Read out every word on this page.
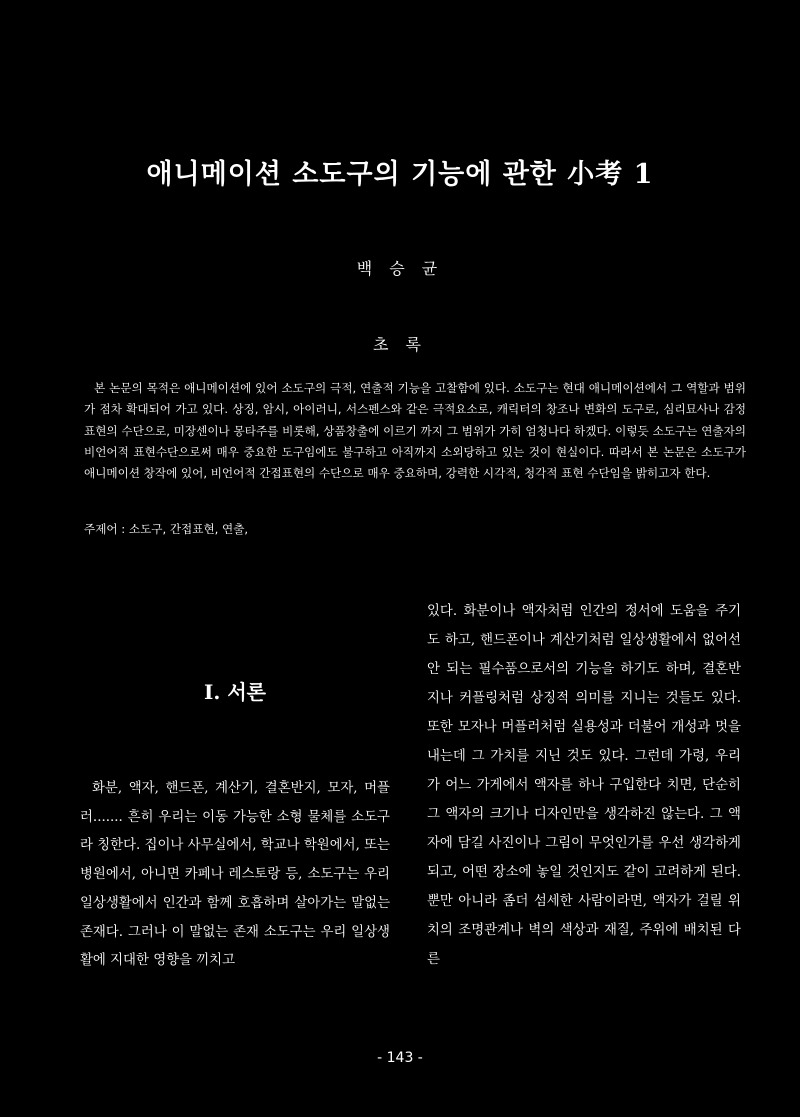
애니메이션 소도구의 기능에 관한 小考 1
백 승 균
초 록

본 논문의 목적은 애니메이션에 있어 소도구의 극적, 연출적 기능을 고찰함에 있다. 소도구는 현대 애니메이션에서 그 역할과 범위가 점차 확대되어 가고 있다. 상징, 암시, 아이러니, 서스펜스와 같은 극적요소로, 캐릭터의 창조나 변화의 도구로, 심리묘사나 감정표현의 수단으로, 미장센이나 몽타주를 비롯해, 상품창출에 이르기 까지 그 범위가 가히 엄청나다 하겠다. 이렇듯 소도구는 연출자의 비언어적 표현수단으로써 매우 중요한 도구임에도 불구하고 아직까지 소외당하고 있는 것이 현실이다. 따라서 본 논문은 소도구가 애니메이션 창작에 있어, 비언어적 간접표현의 수단으로 매우 중요하며, 강력한 시각적, 청각적 표현 수단임을 밝히고자 한다.

주제어 : 소도구, 간접표현, 연출,
I. 서론

화분, 액자, 핸드폰, 계산기, 결혼반지, 모자, 머플러....... 흔히 우리는 이동 가능한 소형 물체를 소도구라 칭한다. 집이나 사무실에서, 학교나 학원에서, 또는 병원에서, 아니면 카페나 레스토랑 등, 소도구는 우리 일상생활에서 인간과 함께 호흡하며 살아가는 말없는 존재다. 그러나 이 말없는 존재 소도구는 우리 일상생활에 지대한 영향을 끼치고

있다. 화분이나 액자처럼 인간의 정서에 도움을 주기도 하고, 핸드폰이나 계산기처럼 일상생활에서 없어선 안 되는 필수품으로서의 기능을 하기도 하며, 결혼반지나 커플링처럼 상징적 의미를 지니는 것들도 있다. 또한 모자나 머플러처럼 실용성과 더불어 개성과 멋을 내는데 그 가치를 지닌 것도 있다. 그런데 가령, 우리가 어느 가게에서 액자를 하나 구입한다 치면, 단순히 그 액자의 크기나 디자인만을 생각하진 않는다. 그 액자에 담길 사진이나 그림이 무엇인가를 우선 생각하게 되고, 어떤 장소에 놓일 것인지도 같이 고려하게 된다. 뿐만 아니라 좀더 섬세한 사람이라면, 액자가 걸릴 위치의 조명관계나 벽의 색상과 재질, 주위에 배치된 다른

- 143 -
